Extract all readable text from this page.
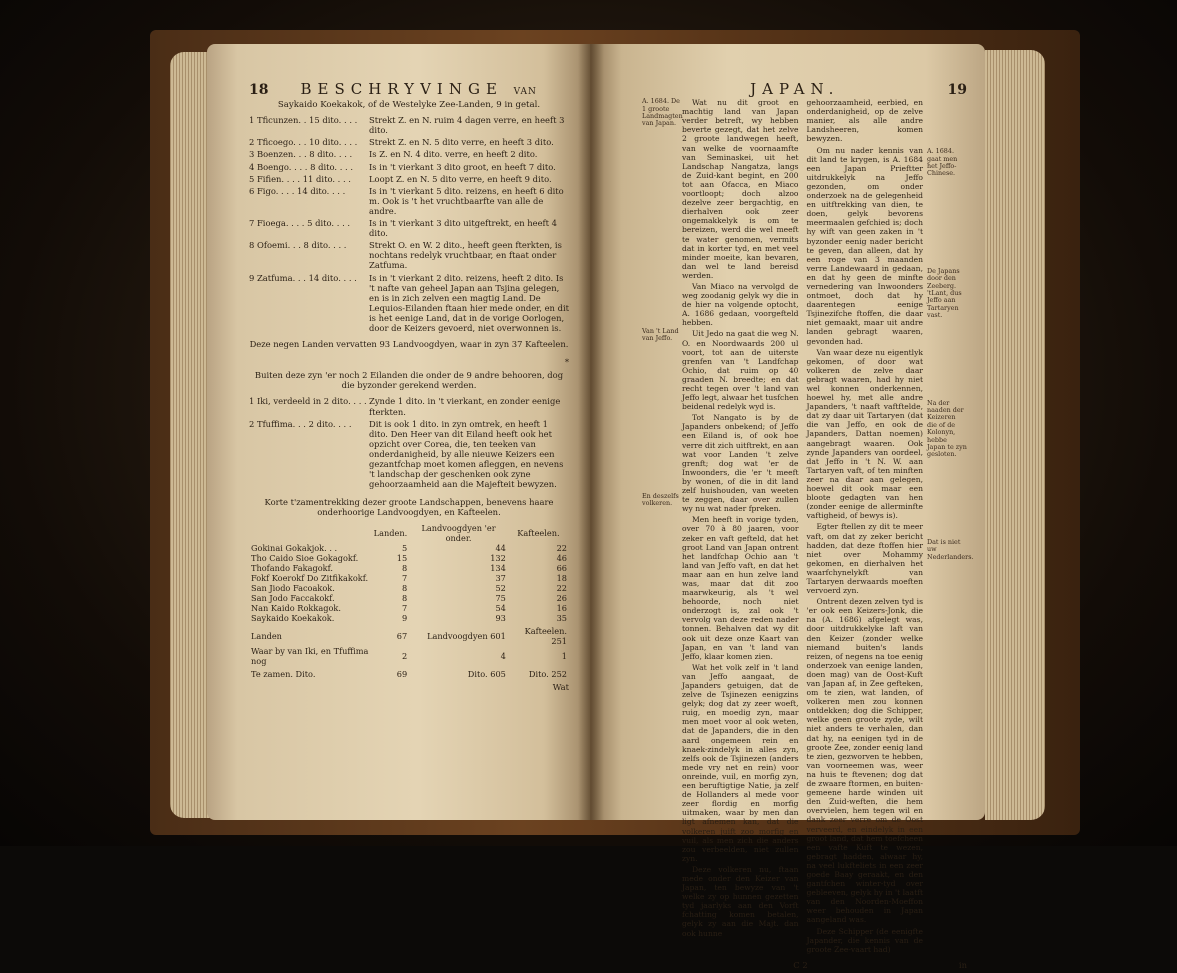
18	BESCHRYVINGE VAN
Saykaido Koekakok, of de Westelyke Zee-Landen, 9 in getal.
1 Tficunzen. . 15 dito. . . .	Strekt Z. en N. ruim 4 dagen verre, en heeft 3 dito.
2 Tficoego. . . 10 dito. . . .	Strekt Z. en N. 5 dito verre, en heeft 3 dito.
3 Boenzen. . . 8 dito. . . .	Is Z. en N. 4 dito. verre, en heeft 2 dito.
4 Boengo. . . . 8 dito. . . .	Is in 't vierkant 3 dito groot, en heeft 7 dito.
5 Fifien. . . . 11 dito. . . .	Loopt Z. en N. 5 dito verre, en heeft 9 dito.
6 Figo. . . . 14 dito. . . .	Is in 't vierkant 5 dito. reizens, en heeft 6 dito m. Ook is 't het vruchtbaarfte van alle de andre.
7 Fioega. . . . 5 dito. . . .	Is in 't vierkant 3 dito uitgeftrekt, en heeft 4 dito.
8 Ofoemi. . . 8 dito. . . .	Strekt O. en W. 2 dito., heeft geen fterkten, is nochtans redelyk vruchtbaar, en ftaat onder Zatfuma.
9 Zatfuma. . . 14 dito. . . .	Is in 't vierkant 2 dito. reizens, heeft 2 dito. Is 't nafte van geheel Japan aan Tsjina gelegen, en is in zich zelven een magtig Land. De Lequios-Eilanden ftaan hier mede onder, en dit is het eenige Land, dat in de vorige Oorlogen, door de Keizers gevoerd, niet overwonnen is.
Deze negen Landen vervatten 93 Landvoogdyen, waar in zyn 37 Kafteelen.
*
Buiten deze zyn 'er noch 2 Eilanden die onder de 9 andre behooren, dog die byzonder gerekend werden.
1 Iki, verdeeld in 2 dito. . . . Zynde 1 dito. in 't vierkant, en zonder eenige fterkten.
2 Tfuffima. . . 2 dito. . . .	Dit is ook 1 dito. in zyn omtrek, en heeft 1 dito. Den Heer van dit Eiland heeft ook het opzicht over Corea, die, ten teeken van onderdanigheid, by alle nieuwe Keizers een gezantfchap moet komen afleggen, en nevens 't landschap der geschenken ook zyne gehoorzaamheid aan die Majefteit bewyzen.
Korte t'zamentrekking dezer groote Landschappen, benevens haare onderhoorige Landvoogdyen, en Kafteelen.
	Landen.	Landvoogdyen 'er onder.	Kafteelen.
Gokinai Gokakjok. . .	5	44	22
Tho Caido Sioe Gokagokf.	15	132	46
Thofando Fakagokf.	8	134	66
Fokf Koerokf Do Zitfikakokf.	7	37	18
San Jiodo Facoakok.	8	52	22
San Jodo Faccakokf.	8	75	26
Nan Kaido Rokkagok.	7	54	16
Saykaido Koekakok.	9	93	35
Landen	67	Landvoogdyen 601	Kafteelen. 251
Waar by van Iki, en Tfuffima nog	2	4	1
Te zamen. Dito.	69	Dito. 605	Dito. 252
Wat
JAPAN.	19
A. 1684. De 1 groote Landmagten van Japan.
Van 't Land van Jeffo.
En deszelfs volkeren.

Wat nu dit groot en machtig land van Japan verder betreft, wy hebben beverte gezegt, dat het zelve 2 groote landwegen heeft, van welke de voornaamfte van Seminaskei, uit het Landschap Nangatza, langs de Zuid-kant begint, en 200 tot aan Ofacca, en Miaco voortloopt; doch alzoo dezelve zeer bergachtig, en dierhalven ook zeer ongemakkelyk is om te bereizen, werd die wel meeft te water genomen, vermits dat in korter tyd, en met veel minder moeite, kan bevaren, dan wel te land bereisd werden.

Van Miaco na vervolgd de weg zoodanig gelyk wy die in de hier na volgende optocht, A. 1686 gedaan, voorgefteld hebben.

Uit Jedo na gaat die weg N. O. en Noordwaards 200 ul voort, tot aan de uiterste grenfen van 't Landfchap Ochio, dat ruim op 40 graaden N. breedte; en dat recht tegen over 't land van Jeffo legt, alwaar het tusfchen beidenal redelyk wyd is.

Tot Nangato is by de Japanders onbekend; of Jeffo een Eiland is, of ook hoe verre dit zich uitftrekt, en aan wat voor Landen 't zelve grenft; dog wat 'er de Inwoonders, die 'er 't meeft by wonen, of die in dit land zelf huishouden, van weeten te zeggen, daar over zullen wy nu wat nader fpreken.

Men heeft in vorige tyden, over 70 à 80 jaaren, voor zeker en vaft gefteld, dat het groot Land van Japan ontrent het landfchap Ochio aan 't land van Jeffo vaft, en dat het maar aan en hun zelve land was, maar dat dit zoo maarwkeurig, als 't wel behoorde, noch niet onderzogt is, zal ook 't vervolg van deze reden nader tonnen. Behalven dat wy dit ook uit deze onze Kaart van Japan, en van 't land van Jeffo, klaar komen zien.

Wat het volk zelf in 't land van Jeffo aangaat, de Japanders getuigen, dat de zelve de Tsjinezen eenigzins gelyk; dog dat zy zeer woeft, ruig, en moedig zyn, maar men moet voor al ook weten, dat de Japanders, die in den aard ongemeen rein en knaek-zindelyk in alles zyn, zelfs ook de Tsjinezen (anders mede vry net en rein) voor onreinde, vuil, en morfig zyn, een beruftigtige Natie, ja zelf de Hollanders al mede voor zeer flordig en morfig uitmaken, waar by men dan ligt afnemen kan, dat die volkeren juift zoo morfig en vuil, als men zich die anders zou verbeelden, niet zullen zyn.

Deze volkeren nu, ftaan mede onder den Keizer van Japan, ten bewyze van 't welke zy op hunnen gezetten tyd jaarlyks aan den Vorft fchatting komen betalen, gelyk zy aan die Majt. dan ook hunne

gehoorzaamheid, eerbied, en onderdanigheid, op de zelve manier, als alle andre Landsheeren, komen bewyzen.

Om nu nader kennis van dit land te krygen, is A. 1684 een Japan Prieftter uitdrukkelyk na Jeffo gezonden, om onder onderzoek na de gelegenheid en uitftrekking van dien, te doen, gelyk bevorens meermaalen gefchied is; doch hy wift van geen zaken in 't byzonder eenig nader bericht te geven, dan alleen, dat hy een roge van 3 maanden verre Landewaard in gedaan, en dat hy geen de minfte vernedering van Inwoonders ontmoet, doch dat hy daarentegen eenige Tsjinezifche ftoffen, die daar niet gemaakt, maar uit andre landen gebragt waaren, gevonden had.

Van waar deze nu eigentlyk gekomen, of door wat volkeren de zelve daar gebragt waaren, had hy niet wel konnen onderkennen, hoewel hy, met alle andre Japanders, 't naaft vaftftelde, dat zy daar uit Tartaryen (dat die van Jeffo, en ook de Japanders, Dattan noemen) aangebragt waaren. Ook zynde Japanders van oordeel, dat Jeffo in 't N. W. aan Tartaryen vaft, of ten minften zeer na daar aan gelegen, hoewel dit ook maar een bloote gedagten van hen (zonder eenige de allerminfte vaftigheid, of bewys is).

Egter ftellen zy dit te meer vaft, om dat zy zeker bericht hadden, dat deze ftoffen hier niet over Mohammy gekomen, en dierhalven het waarfchynelykft van Tartaryen derwaards moeften vervoerd zyn.

Ontrent dezen zelven tyd is 'er ook een Keizers-Jonk, die na (A. 1686) afgelegt was, door uitdrukkelyke laft van den Keizer (zonder welke niemand buiten's lands reizen, of negens na toe eenig onderzoek van eenige landen, doen mag) van de Oost-Kuft van Japan af, in Zee gefteken, om te zien, wat landen, of volkeren men zou konnen ontdekken; dog die Schipper, welke geen groote zyde, wilt niet anders te verhalen, dan dat hy, na eenigen tyd in de groote Zee, zonder eenig land te zien, gezworven te hebben, van voorneemen was, weer na huis te ftevenen; dog dat de zwaare ftormen, en buiten-gemeene harde winden uit den Zuid-weften, die hem overvielen, hem tegen wil en dank zeer verre om de Oost verveerd, en eindelyk in een groot land, dat hem toefcheen een vafte Kuft te wezen, gebragt hadden, alwaar hy, na veel lukfteliets in een zeer goede Baay geraakt, en den gantfchen winter-tyd over gebleeven, gelyk hy in 't laatft van den Noorden-Moeffon weer behouden in Japan aangeland was.

Deze Schipper (de eenigfte Japander, die kennis van de groote Zee-vaart had)

A. 1684. gaat men het Jeffo-Chinese.
De Japans door den Zeeberg. 'tLant, dus Jeffo aan Tartaryen vast.
Na der naaden der Keizeren die of de Kolonyn, hebbe Japan te zyn gesloten.
Dat is niet uw Nederlanders.
C 2	in
